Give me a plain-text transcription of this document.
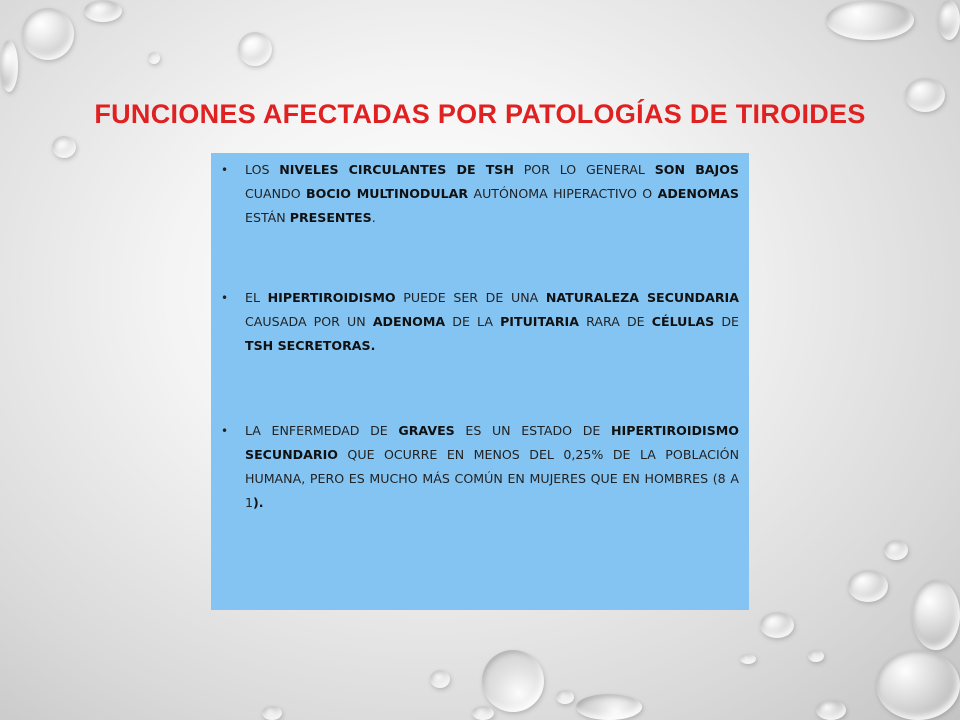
FUNCIONES AFECTADAS POR PATOLOGÍAS DE TIROIDES
•	LOS NIVELES CIRCULANTES DE TSH POR LO GENERAL SON BAJOS CUANDO BOCIO MULTINODULAR AUTÓNOMA HIPERACTIVO O ADENOMAS ESTÁN PRESENTES.
•	EL HIPERTIROIDISMO PUEDE SER DE UNA NATURALEZA SECUNDARIA CAUSADA POR UN ADENOMA DE LA PITUITARIA RARA DE CÉLULAS DE TSH SECRETORAS.
•	LA ENFERMEDAD DE GRAVES ES UN ESTADO DE HIPERTIROIDISMO SECUNDARIO QUE OCURRE EN MENOS DEL 0,25% DE LA POBLACIÓN HUMANA, PERO ES MUCHO MÁS COMÚN EN MUJERES QUE EN HOMBRES (8 A 1).
